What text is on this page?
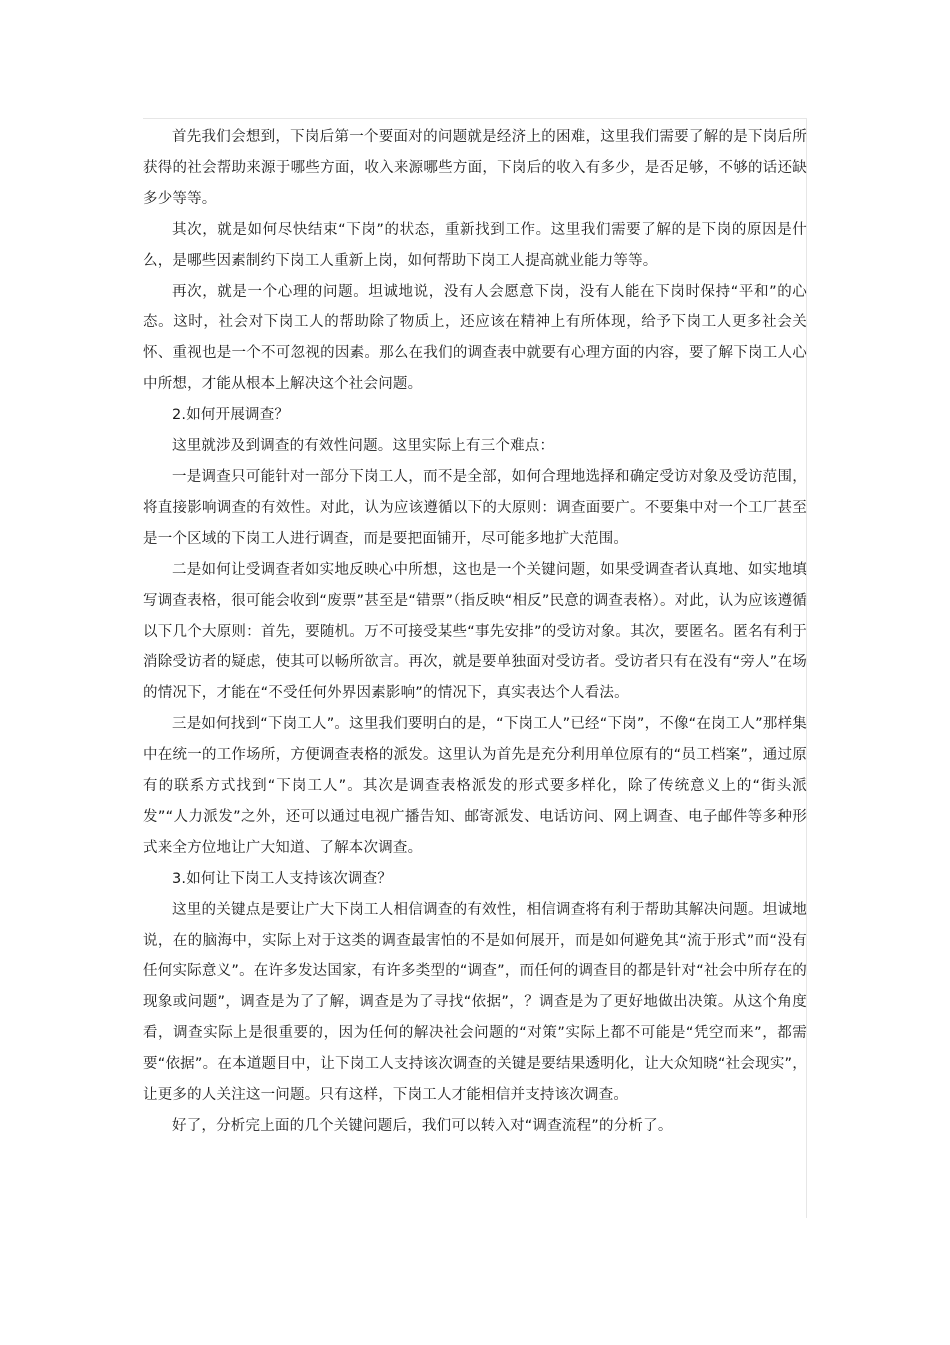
首先我们会想到，下岗后第一个要面对的问题就是经济上的困难，这里我们需要了解的是下岗后所获得的社会帮助来源于哪些方面，收入来源哪些方面，下岗后的收入有多少，是否足够，不够的话还缺多少等等。

其次，就是如何尽快结束“下岗”的状态，重新找到工作。这里我们需要了解的是下岗的原因是什么，是哪些因素制约下岗工人重新上岗，如何帮助下岗工人提高就业能力等等。

再次，就是一个心理的问题。坦诚地说，没有人会愿意下岗，没有人能在下岗时保持“平和”的心态。这时，社会对下岗工人的帮助除了物质上，还应该在精神上有所体现，给予下岗工人更多社会关怀、重视也是一个不可忽视的因素。那么在我们的调查表中就要有心理方面的内容，要了解下岗工人心中所想，才能从根本上解决这个社会问题。

2.如何开展调查？

这里就涉及到调查的有效性问题。这里实际上有三个难点：

一是调查只可能针对一部分下岗工人，而不是全部，如何合理地选择和确定受访对象及受访范围，将直接影响调查的有效性。对此，认为应该遵循以下的大原则：调查面要广。不要集中对一个工厂甚至是一个区域的下岗工人进行调查，而是要把面铺开，尽可能多地扩大范围。

二是如何让受调查者如实地反映心中所想，这也是一个关键问题，如果受调查者认真地、如实地填写调查表格，很可能会收到“废票”甚至是“错票”（指反映“相反”民意的调查表格）。对此，认为应该遵循以下几个大原则：首先，要随机。万不可接受某些“事先安排”的受访对象。其次，要匿名。匿名有利于消除受访者的疑虑，使其可以畅所欲言。再次，就是要单独面对受访者。受访者只有在没有“旁人”在场的情况下，才能在“不受任何外界因素影响”的情况下，真实表达个人看法。

三是如何找到“下岗工人”。这里我们要明白的是，“下岗工人”已经“下岗”，不像“在岗工人”那样集中在统一的工作场所，方便调查表格的派发。这里认为首先是充分利用单位原有的“员工档案”，通过原有的联系方式找到“下岗工人”。其次是调查表格派发的形式要多样化，除了传统意义上的“街头派发”“人力派发”之外，还可以通过电视广播告知、邮寄派发、电话访问、网上调查、电子邮件等多种形式来全方位地让广大知道、了解本次调查。

3.如何让下岗工人支持该次调查？

这里的关键点是要让广大下岗工人相信调查的有效性，相信调查将有利于帮助其解决问题。坦诚地说，在的脑海中，实际上对于这类的调查最害怕的不是如何展开，而是如何避免其“流于形式”而“没有任何实际意义”。在许多发达国家，有许多类型的“调查”，而任何的调查目的都是针对“社会中所存在的现象或问题”，调查是为了了解，调查是为了寻找“依据”，？调查是为了更好地做出决策。从这个角度看，调查实际上是很重要的，因为任何的解决社会问题的“对策”实际上都不可能是“凭空而来”，都需要“依据”。在本道题目中，让下岗工人支持该次调查的关键是要结果透明化，让大众知晓“社会现实”，让更多的人关注这一问题。只有这样，下岗工人才能相信并支持该次调查。

好了，分析完上面的几个关键问题后，我们可以转入对“调查流程”的分析了。
